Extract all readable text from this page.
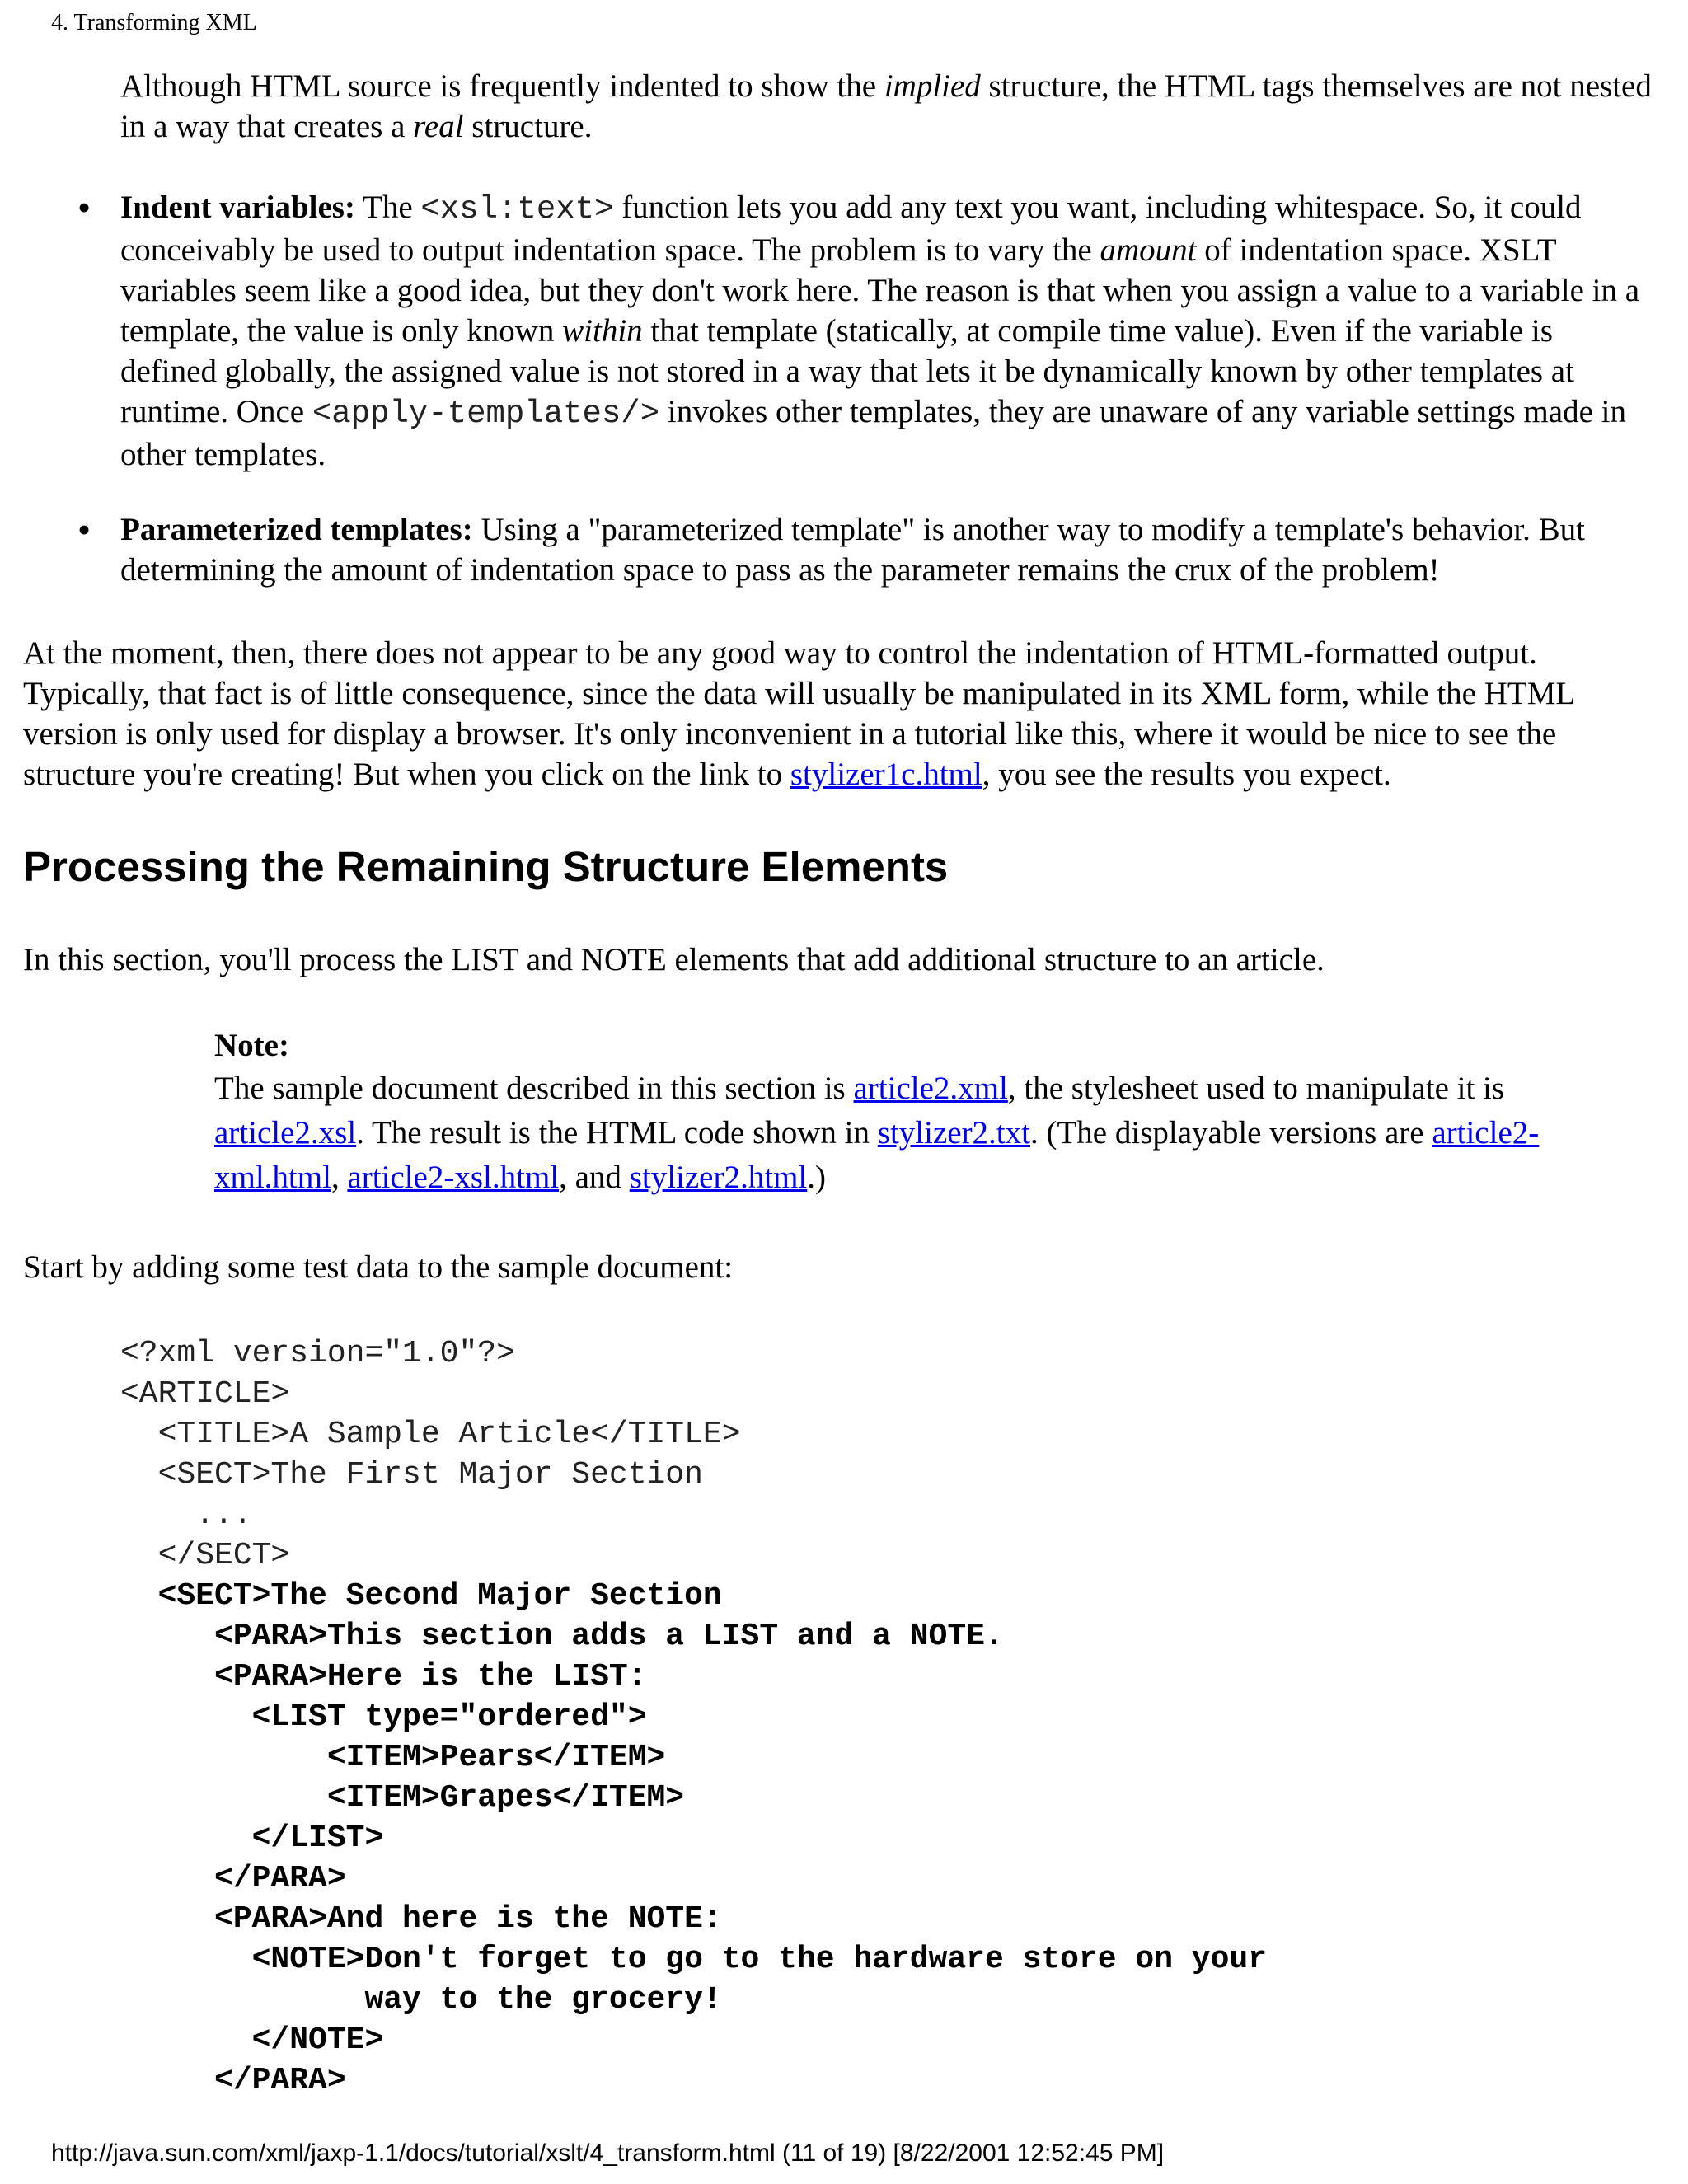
4. Transforming XML
Although HTML source is frequently indented to show the implied structure, the HTML tags themselves are not nested in a way that creates a real structure.
• Indent variables: The <xsl:text> function lets you add any text you want, including whitespace. So, it could conceivably be used to output indentation space. The problem is to vary the amount of indentation space. XSLT variables seem like a good idea, but they don't work here. The reason is that when you assign a value to a variable in a template, the value is only known within that template (statically, at compile time value). Even if the variable is defined globally, the assigned value is not stored in a way that lets it be dynamically known by other templates at runtime. Once <apply-templates/> invokes other templates, they are unaware of any variable settings made in other templates.
• Parameterized templates: Using a "parameterized template" is another way to modify a template's behavior. But determining the amount of indentation space to pass as the parameter remains the crux of the problem!
At the moment, then, there does not appear to be any good way to control the indentation of HTML-formatted output. Typically, that fact is of little consequence, since the data will usually be manipulated in its XML form, while the HTML version is only used for display a browser. It's only inconvenient in a tutorial like this, where it would be nice to see the structure you're creating! But when you click on the link to stylizer1c.html, you see the results you expect.
Processing the Remaining Structure Elements
In this section, you'll process the LIST and NOTE elements that add additional structure to an article.
Note:
The sample document described in this section is article2.xml, the stylesheet used to manipulate it is article2.xsl. The result is the HTML code shown in stylizer2.txt. (The displayable versions are article2-xml.html, article2-xsl.html, and stylizer2.html.)
Start by adding some test data to the sample document:
<?xml version="1.0"?>
<ARTICLE>
<TITLE>A Sample Article</TITLE>
<SECT>The First Major Section
...
</SECT>
<SECT>The Second Major Section
<PARA>This section adds a LIST and a NOTE.
<PARA>Here is the LIST:
<LIST type="ordered">
<ITEM>Pears</ITEM>
<ITEM>Grapes</ITEM>
</LIST>
</PARA>
<PARA>And here is the NOTE:
<NOTE>Don't forget to go to the hardware store on your
way to the grocery!
</NOTE>
</PARA>
http://java.sun.com/xml/jaxp-1.1/docs/tutorial/xslt/4_transform.html (11 of 19) [8/22/2001 12:52:45 PM]
